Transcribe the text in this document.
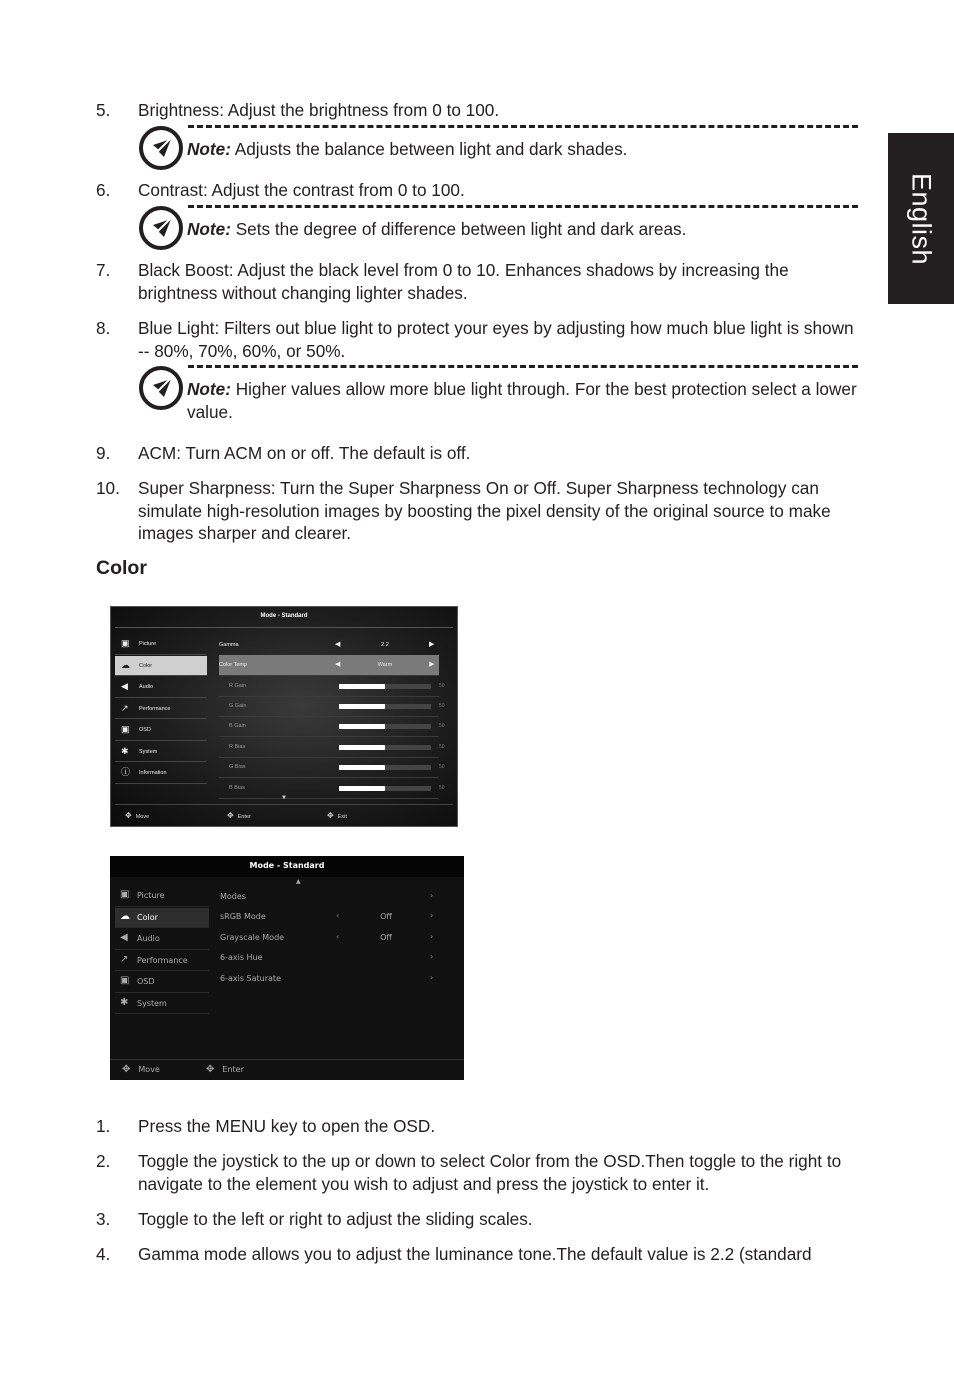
English
5. Brightness: Adjust the brightness from 0 to 100.
Note: Adjusts the balance between light and dark shades.
6. Contrast: Adjust the contrast from 0 to 100.
Note: Sets the degree of difference between light and dark areas.
7. Black Boost: Adjust the black level from 0 to 10. Enhances shadows by increasing the brightness without changing lighter shades.
8. Blue Light: Filters out blue light to protect your eyes by adjusting how much blue light is shown -- 80%, 70%, 60%, or 50%.
Note: Higher values allow more blue light through. For the best protection select a lower value.
9. ACM: Turn ACM on or off. The default is off.
10. Super Sharpness: Turn the Super Sharpness On or Off. Super Sharpness technology can simulate high-resolution images by boosting the pixel density of the original source to make images sharper and clearer.
Color
Mode - Standard
▣ Picture
☁ Color
◀ Audio
↗ Performance
▣ OSD
✱ System
ⓘ Information
Gamma	◀	2.2	▶
Color Temp	◀	Warm	▶
R Gain	50
G Gain	50
B Gain	50
R Bias	50
G Bias	50
B Bias	50
▼
✥ Move	✥ Enter	✥ Exit
Mode - Standard
▲
▣ Picture
☁ Color
◀ Audio
↗ Performance
▣ OSD
✱ System
Modes	›
sRGB Mode	‹	Off	›
Grayscale Mode	‹	Off	›
6-axis Hue	›
6-axis Saturate	›
✥ Move	✥ Enter
1. Press the MENU key to open the OSD.
2. Toggle the joystick to the up or down to select Color from the OSD.Then toggle to the right to navigate to the element you wish to adjust and press the joystick to enter it.
3. Toggle to the left or right to adjust the sliding scales.
4. Gamma mode allows you to adjust the luminance tone.The default value is 2.2 (standard
